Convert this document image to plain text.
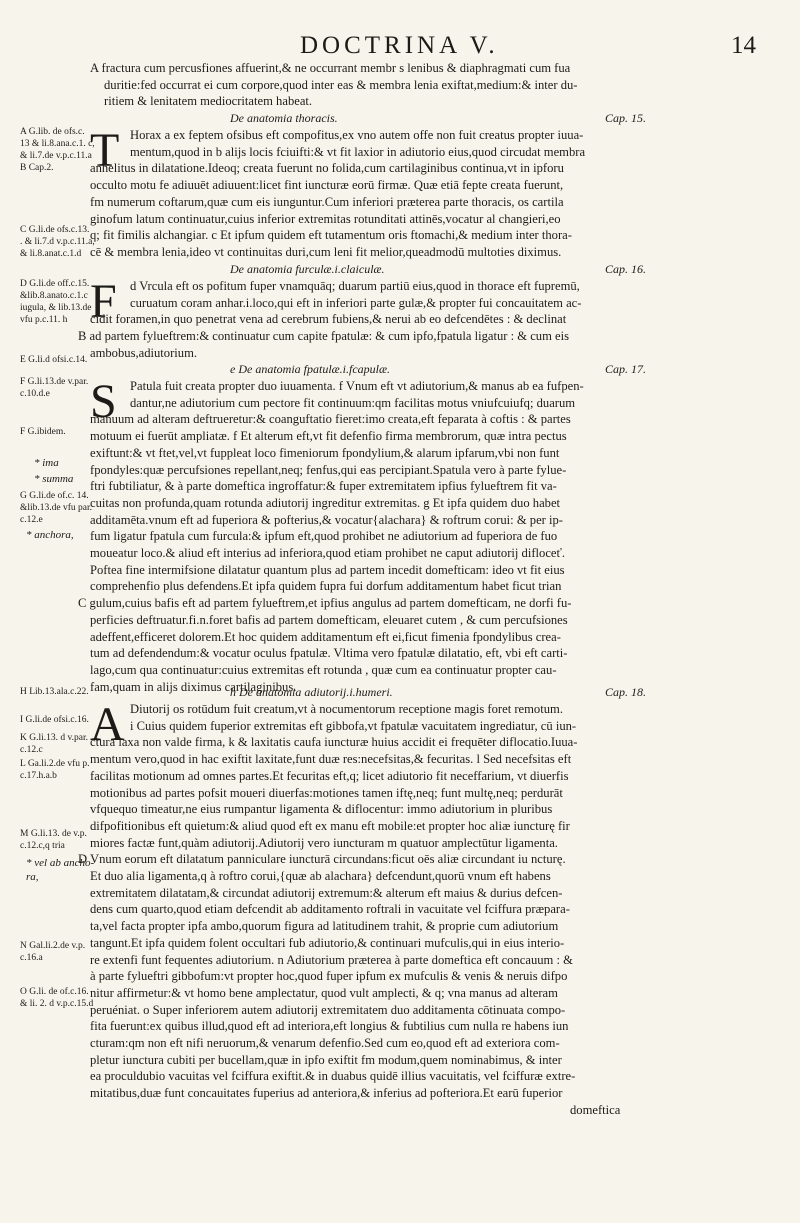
DOCTRINA V.	14
A G.lib. de ofs.c.
13 & li.8.ana.c.1. c,
& li.7.de v.p.c.11.a
B Cap.2.
C G.li.de ofs.c.13.
. & li.7.d v.p.c.11.a,
& li.8.anat.c.1.d
D G.li.de off.c.15.
&lib.8.anato.c.1.c
iugula, & lib.13.de
vfu p.c.11. h
E G.li.d ofsi.c.14.
F G.li.13.de v.par.
c.10.d.e
F G.ibidem.
* ima
* summa
G G.li.de of.c. 14.
&lib.13.de vfu par.
c.12.e
* anchora,
H Lib.13.ala.c.22.
I G.li.de ofsi.c.16.
K G.li.13. d v.par.
c.12.c
L Ga.li.2.de vfu p.
c.17.h.a.b
M G.li.13. de v.p.
c.12.c,q tria
* vel ab ancho-
ra,
N Gal.li.2.de v.p.
c.16.a
O G.li. de of.c.16.
& li. 2. d v.p.c.15.d
A fractura cum percusfiones affuerint,& ne occurrant membr s lenibus & diaphragmati cum fua
duritie:fed occurrat ei cum corpore,quod inter eas & membra lenia exiftat,medium:& inter du-
ritiem & lenitatem mediocritatem habeat.
De anatomia thoracis.	Cap. 15.
T Horax a ex feptem ofsibus eft compofitus,ex vno autem offe non fuit creatus propter iuua-
mentum,quod in b alijs locis fciuifti:& vt fit laxior in adiutorio eius,quod circudat membra
anhelitus in dilatatione.Ideoq; creata fuerunt no folida,cum cartilaginibus continua,vt in ipforu
occulto motu fe adiuuēt adiuuent:licet fint iuncturæ eorū firmæ. Quæ etiā fepte creata fuerunt,
fm numerum coftarum,quæ cum eis iunguntur.Cum inferiori præterea parte thoracis, os cartila
ginofum latum continuatur,cuius inferior extremitas rotunditati attinēs,vocatur al changieri,eo
q; fit fimilis alchangiar. c Et ipfum quidem eft tutamentum oris ftomachi,& medium inter thora-
cē & membra lenia,ideo vt continuitas duri,cum leni fit melior,queadmodū multoties diximus.
De anatomia furculæ.i.claiculæ.	Cap. 16.
F	d Vrcula eft os pofitum fuper vnamquāq; duarum partiū eius,quod in thorace eft fupremū,
curuatum coram anhar.i.loco,qui eft in inferiori parte gulæ,& propter fui concauitatem ac-
cidit foramen,in quo penetrat vena ad cerebrum fubiens,& nerui ab eo defcendētes : & declinat
B ad partem fylueftrem:& continuatur cum capite fpatulæ: & cum ipfo,fpatula ligatur : & cum eis
ambobus,adiutorium.
e De anatomia fpatulæ.i.fcapulæ.	Cap. 17.
S	Patula fuit creata propter duo iuuamenta. f Vnum eft vt adiutorium,& manus ab ea fufpen-
dantur,ne adiutorium cum pectore fit continuum:qm facilitas motus vniufcuiufq; duarum
manuum ad alteram deftrueretur:& coanguftatio fieret:imo creata,eft feparata à coftis : & partes
motuum ei fuerūt ampliatæ. f Et alterum eft,vt fit defenfio firma membrorum, quæ intra pectus
exiftunt:& vt ftet,vel,vt fuppleat loco fimeniorum fpondylium,& alarum ipfarum,vbi non funt
fpondyles:quæ percufsiones repellant,neq; fenfus,qui eas percipiant.Spatula vero à parte fylue-
ftri fubtiliatur, & à parte domeftica ingroffatur:& fuper extremitatem ipfius fylueftrem fit va-
cuitas non profunda,quam rotunda adiutorij ingreditur extremitas. g Et ipfa quidem duo habet
additamēta.vnum eft ad fuperiora & pofterius,& vocatur{alachara} & roftrum corui: & per ip-
fum ligatur fpatula cum furcula:& ipfum eft,quod prohibet ne adiutorium ad fuperiora de fuo
moueatur loco.& aliud eft interius ad inferiora,quod etiam prohibet ne caput adiutorij difloceť.
Poftea fine intermifsione dilatatur quantum plus ad partem incedit domefticam: ideo vt fit eius
comprehenfio plus defendens.Et ipfa quidem fupra fui dorfum additamentum habet ficut trian
C gulum,cuius bafis eft ad partem fylueftrem,et ipfius angulus ad partem domefticam, ne dorfi fu-
perficies deftruatur.fi.n.foret bafis ad partem domefticam, eleuaret cutem , & cum percufsiones
adeffent,efficeret dolorem.Et hoc quidem additamentum eft ei,ficut fimenia fpondylibus crea-
tum ad defendendum:& vocatur oculus fpatulæ. Vltima vero fpatulæ dilatatio, eft, vbi eft carti-
lago,cum qua continuatur:cuius extremitas eft rotunda , quæ cum ea continuatur propter cau-
fam,quam in alijs diximus cartilaginibus.
h De anatomia adiutorij.i.humeri.	Cap. 18.
A Diutorij os rotūdum fuit creatum,vt à nocumentorum receptione magis foret remotum.
i Cuius quidem fuperior extremitas eft gibbofa,vt fpatulæ vacuitatem ingrediatur, cū iun-
ctura laxa non valde firma, k & laxitatis caufa iuncturæ huius accidit ei frequēter diflocatio.Iuua-
mentum vero,quod in hac exiftit laxitate,funt duæ res:necefsitas,& fecuritas. l Sed necefsitas eft
facilitas motionum ad omnes partes.Et fecuritas eft,q; licet adiutorio fit neceffarium, vt diuerfis
motionibus ad partes pofsit moueri diuerfas:motiones tamen iftę,neq; funt multę,neq; perdurāt
vfquequo timeatur,ne eius rumpantur ligamenta & diflocentur: immo adiutorium in pluribus
difpofitionibus eft quietum:& aliud quod eft ex manu eft mobile:et propter hoc aliæ iuncturę fir
miores factæ funt,quàm adiutorij.Adiutorij vero iuncturam m quatuor amplectūtur ligamenta.
D Vnum eorum eft dilatatum panniculare iuncturā circundans:ficut oēs aliæ circundant iu ncturę.
Et duo alia ligamenta,q à roftro corui,{quæ ab alachara} defcendunt,quorū vnum eft habens
extremitatem dilatatam,& circundat adiutorij extremum:& alterum eft maius & durius defcen-
dens cum quarto,quod etiam defcendit ab additamento roftrali in vacuitate vel fciffura præpara-
ta,vel facta propter ipfa ambo,quorum figura ad latitudinem trahit, & proprie cum adiutorium
tangunt.Et ipfa quidem folent occultari fub adiutorio,& continuari mufculis,qui in eius interio-
re extenfi funt fequentes adiutorium. n Adiutorium præterea à parte domeftica eft concauum : &
à parte fylueftri gibbofum:vt propter hoc,quod fuper ipfum ex mufculis & venis & neruis difpo
nitur affirmetur:& vt homo bene amplectatur, quod vult amplecti, & q; vna manus ad alteram
peruéniat. o Super inferiorem autem adiutorij extremitatem duo additamenta cōtinuata compo-
fita fuerunt:ex quibus illud,quod eft ad interiora,eft longius & fubtilius cum nulla re habens iun
cturam:qm non eft nifi neruorum,& venarum defenfio.Sed cum eo,quod eft ad exteriora com-
pletur iunctura cubiti per bucellam,quæ in ipfo exiftit fm modum,quem nominabimus, & inter
ea proculdubio vacuitas vel fciffura exiftit.& in duabus quidē illius vacuitatis, vel fciffuræ extre-
mitatibus,duæ funt concauitates fuperius ad anteriora,& inferius ad pofteriora.Et earū fuperior
domeftica
